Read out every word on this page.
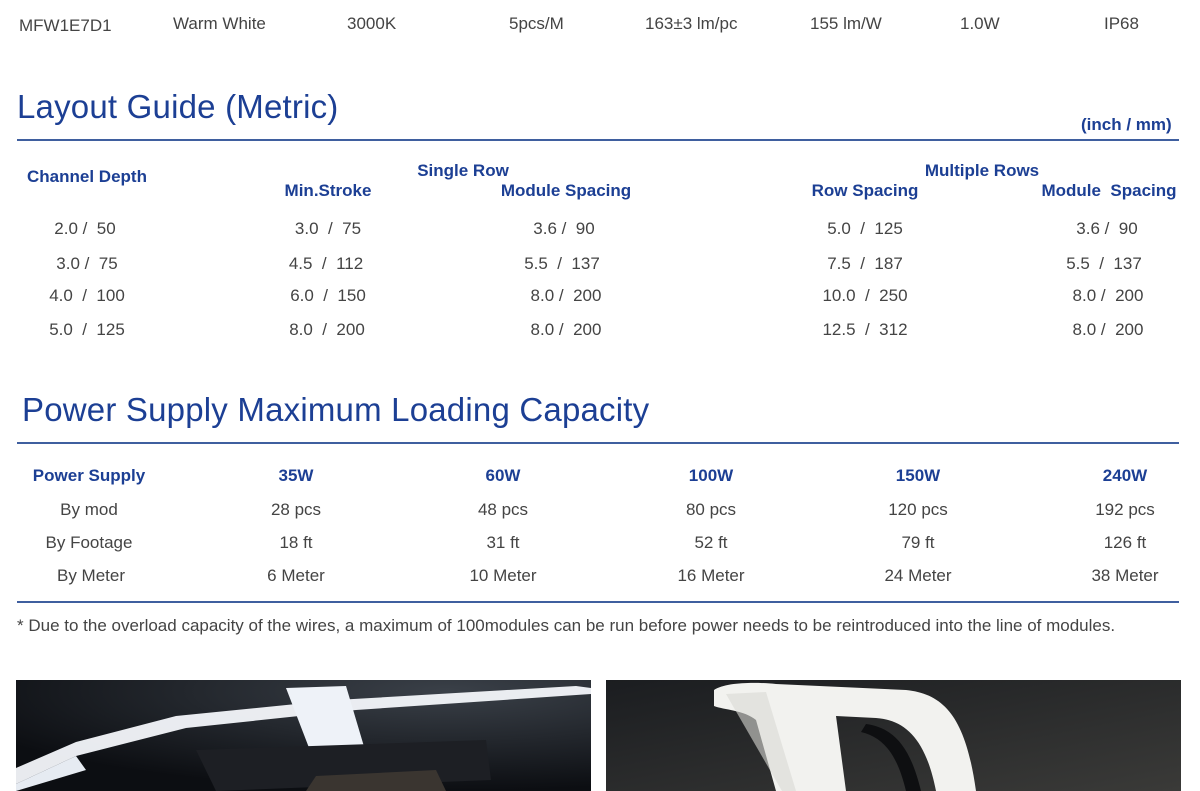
MFW1E7D1	Warm White	3000K	5pcs/M	163±3 lm/pc	155 lm/W	1.0W	IP68
Layout Guide (Metric)	(inch / mm)
Single Row	Multiple Rows
Channel Depth
Min.Stroke	Module Spacing	Row Spacing	Module  Spacing
2.0 /  50	3.0  /  75	3.6 /  90	5.0  /  125	3.6 /  90
3.0 /  75	4.5  /  112	5.5  /  137	7.5  /  187	5.5  /  137
4.0  /  100	6.0  /  150	8.0 /  200	10.0  /  250	8.0 /  200
5.0  /  125	8.0  /  200	8.0 /  200	12.5  /  312	8.0 /  200
Power Supply Maximum Loading Capacity
Power Supply	35W	60W	100W	150W	240W
By mod	28 pcs	48 pcs	80 pcs	120 pcs	192 pcs
By Footage	18 ft	31 ft	52 ft	79 ft	126 ft
By Meter	6 Meter	10 Meter	16 Meter	24 Meter	38 Meter
* Due to the overload capacity of the wires, a maximum of 100modules can be run before power needs to be reintroduced into the line of modules.
